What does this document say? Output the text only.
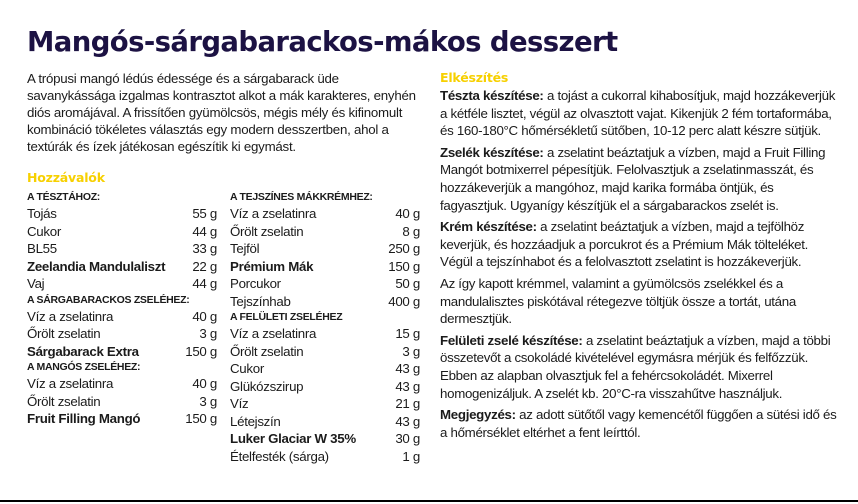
Mangós-sárgabarackos-mákos desszert

A trópusi mangó lédús édessége és a sárgabarack üde savanykássága izgalmas kontrasztot alkot a mák karakteres, enyhén diós aromájával. A frissítően gyümölcsös, mégis mély és kifinomult kombináció tökéletes választás egy modern desszertben, ahol a textúrák és ízek játékosan egészítik ki egymást.

Hozzávalók
A TÉSZTÁHOZ:
Tojás	55 g
Cukor	44 g
BL55	33 g
Zeelandia Mandulaliszt 22 g
Vaj	44 g
A SÁRGABARACKOS ZSELÉHEZ:
Víz a zselatinra	40 g
Őrölt zselatin	3 g
Sárgabarack Extra	150 g
A MANGÓS ZSELÉHEZ:
Víz a zselatinra	40 g
Őrölt zselatin	3 g
Fruit Filling Mangó	150 g
A TEJSZÍNES MÁKKRÉMHEZ:
Víz a zselatinra	40 g
Őrölt zselatin	8 g
Tejföl	250 g
Prémium Mák	150 g
Porcukor	50 g
Tejszínhab	400 g
A FELÜLETI ZSELÉHEZ
Víz a zselatinra	15 g
Őrölt zselatin	3 g
Cukor	43 g
Glükózszirup	43 g
Víz	21 g
Létejszín	43 g
Luker Glaciar W 35%	30 g
Ételfesték (sárga)	1 g
Elkészítés

Tészta készítése: a tojást a cukorral kihabosítjuk, majd hozzákeverjük a kétféle lisztet, végül az olvasztott vajat. Kikenjük 2 fém tortaformába, és 160-180°C hőmérsékletű sütőben, 10-12 perc alatt készre sütjük.

Zselék készítése: a zselatint beáztatjuk a vízben, majd a Fruit Filling Mangót botmixerrel pépesítjük. Felolvasztjuk a zselatinmasszát, és hozzákeverjük a mangóhoz, majd karika formába öntjük, és fagyasztjuk. Ugyanígy készítjük el a sárgabarackos zselét is.

Krém készítése: a zselatint beáztatjuk a vízben, majd a tejfölhöz keverjük, és hozzáadjuk a porcukrot és a Prémium Mák tölteléket. Végül a tejszínhabot és a felolvasztott zselatint is hozzákeverjük.

Az így kapott krémmel, valamint a gyümölcsös zselékkel és a mandulalisztes piskótával rétegezve töltjük össze a tortát, utána dermesztjük.

Felületi zselé készítése: a zselatint beáztatjuk a vízben, majd a többi összetevőt a csokoládé kivételével egymásra mérjük és felfőzzük. Ebben az alapban olvasztjuk fel a fehércsokoládét. Mixerrel homogenizáljuk. A zselét kb. 20°C-ra visszahűtve használjuk.

Megjegyzés: az adott sütőtől vagy kemencétől függően a sütési idő és a hőmérséklet eltérhet a fent leírttól.
